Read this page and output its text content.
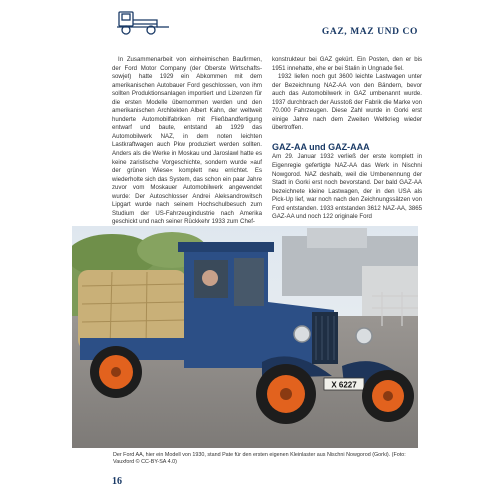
GAZ, MAZ UND CO

In Zusammenarbeit von einheimischen Baufirmen, der Ford Motor Company (der Oberste Wirtschafts-sowjet) hatte 1929 ein Abkommen mit dem amerikanischen Autobauer Ford geschlossen, von ihm sollten Produktionsanlagen importiert und Lizenzen für die ersten Modelle übernommen werden und den amerikanischen Architekten Albert Kahn, der weltweit hunderte Automobilfabriken mit Fließbandfertigung entwarf und baute, entstand ab 1929 das Automobilwerk NAZ, in dem noten leichten Lastkraftwagen auch Pkw produziert werden sollten. Anders als die Werke in Moskau und Jaroslawl hatte es keine zaristische Vorgeschichte, sondern wurde »auf der grünen Wiese« komplett neu errichtet. Es wiederholte sich das System, das schon ein paar Jahre zuvor vom Moskauer Automobilwerk angewendet wurde: Der Autoschlosser Andrei Aleksandrowitsch Lipgart wurde nach seinem Hochschulbesuch zum Studium der US-Fahrzeugindustrie nach Amerika geschickt und nach seiner Rückkehr 1933 zum Chef-

konstrukteur bei GAZ gekürt. Ein Posten, den er bis 1951 innehatte, ehe er bei Stalin in Ungnade fiel.

1932 liefen noch gut 3600 leichte Lastwagen unter der Bezeichnung NAZ-AA von den Bändern, bevor auch das Automobilwerk in GAZ umbenannt wurde. 1937 durchbrach der Ausstoß der Fabrik die Marke von 70.000 Fahrzeugen. Diese Zahl wurde in Gorki erst einige Jahre nach dem Zweiten Weltkrieg wieder übertroffen.

GAZ-AA und GAZ-AAA

Am 29. Januar 1932 verließ der erste komplett in Eigenregie gefertigte NAZ-AA das Werk in Nischni Nowgorod. NAZ deshalb, weil die Umbenennung der Stadt in Gorki erst noch bevorstand. Der bald GAZ-AA bezeichnete kleine Lastwagen, der in den USA als Pick-Up lief, war noch nach den Zeichnungssätzen von Ford entstanden. 1933 entstanden 3612 NAZ-AA, 3865 GAZ-AA und noch 122 originale Ford

X 6227
Der Ford AA, hier ein Modell von 1930, stand Pate für den ersten eigenen Kleinlaster aus Nischni Nowgorod (Gorki). (Foto: Vauxford © CC-BY-SA 4.0)
16
